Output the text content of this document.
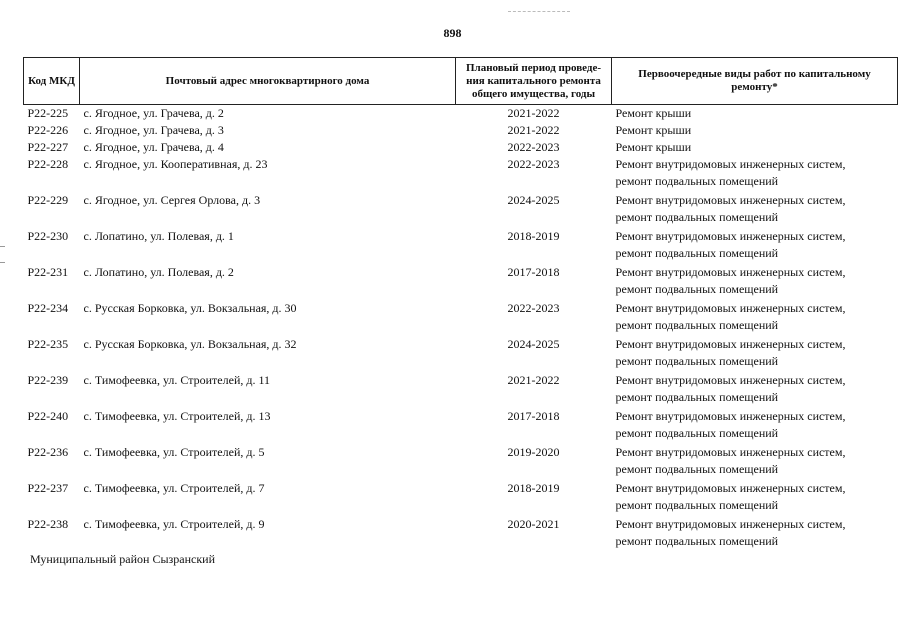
898
Код МКД	Почтовый адрес многоквартирного дома	Плановый период проведе-ния капитального ремонта общего имущества, годы	Первоочередные виды работ по капитальному ремонту*
Р22-225	с. Ягодное, ул. Грачева, д. 2	2021-2022	Ремонт крыши

Р22-226	с. Ягодное, ул. Грачева, д. 3	2021-2022	Ремонт крыши

Р22-227	с. Ягодное, ул. Грачева, д. 4	2022-2023	Ремонт крыши

Р22-228	с. Ягодное, ул. Кооперативная, д. 23	2022-2023	Ремонт внутридомовых инженерных систем,
ремонт подвальных помещений

Р22-229	с. Ягодное, ул. Сергея Орлова, д. 3	2024-2025	Ремонт внутридомовых инженерных систем,
ремонт подвальных помещений

Р22-230	с. Лопатино, ул. Полевая, д. 1	2018-2019	Ремонт внутридомовых инженерных систем,
ремонт подвальных помещений

Р22-231	с. Лопатино, ул. Полевая, д. 2	2017-2018	Ремонт внутридомовых инженерных систем,
ремонт подвальных помещений

Р22-234	с. Русская Борковка, ул. Вокзальная, д. 30	2022-2023	Ремонт внутридомовых инженерных систем,
ремонт подвальных помещений

Р22-235	с. Русская Борковка, ул. Вокзальная, д. 32	2024-2025	Ремонт внутридомовых инженерных систем,
ремонт подвальных помещений

Р22-239	с. Тимофеевка, ул. Строителей, д. 11	2021-2022	Ремонт внутридомовых инженерных систем,
ремонт подвальных помещений

Р22-240	с. Тимофеевка, ул. Строителей, д. 13	2017-2018	Ремонт внутридомовых инженерных систем,
ремонт подвальных помещений

Р22-236	с. Тимофеевка, ул. Строителей, д. 5	2019-2020	Ремонт внутридомовых инженерных систем,
ремонт подвальных помещений

Р22-237	с. Тимофеевка, ул. Строителей, д. 7	2018-2019	Ремонт внутридомовых инженерных систем,
ремонт подвальных помещений

Р22-238	с. Тимофеевка, ул. Строителей, д. 9	2020-2021	Ремонт внутридомовых инженерных систем,
ремонт подвальных помещений
Муниципальный район Сызранский
